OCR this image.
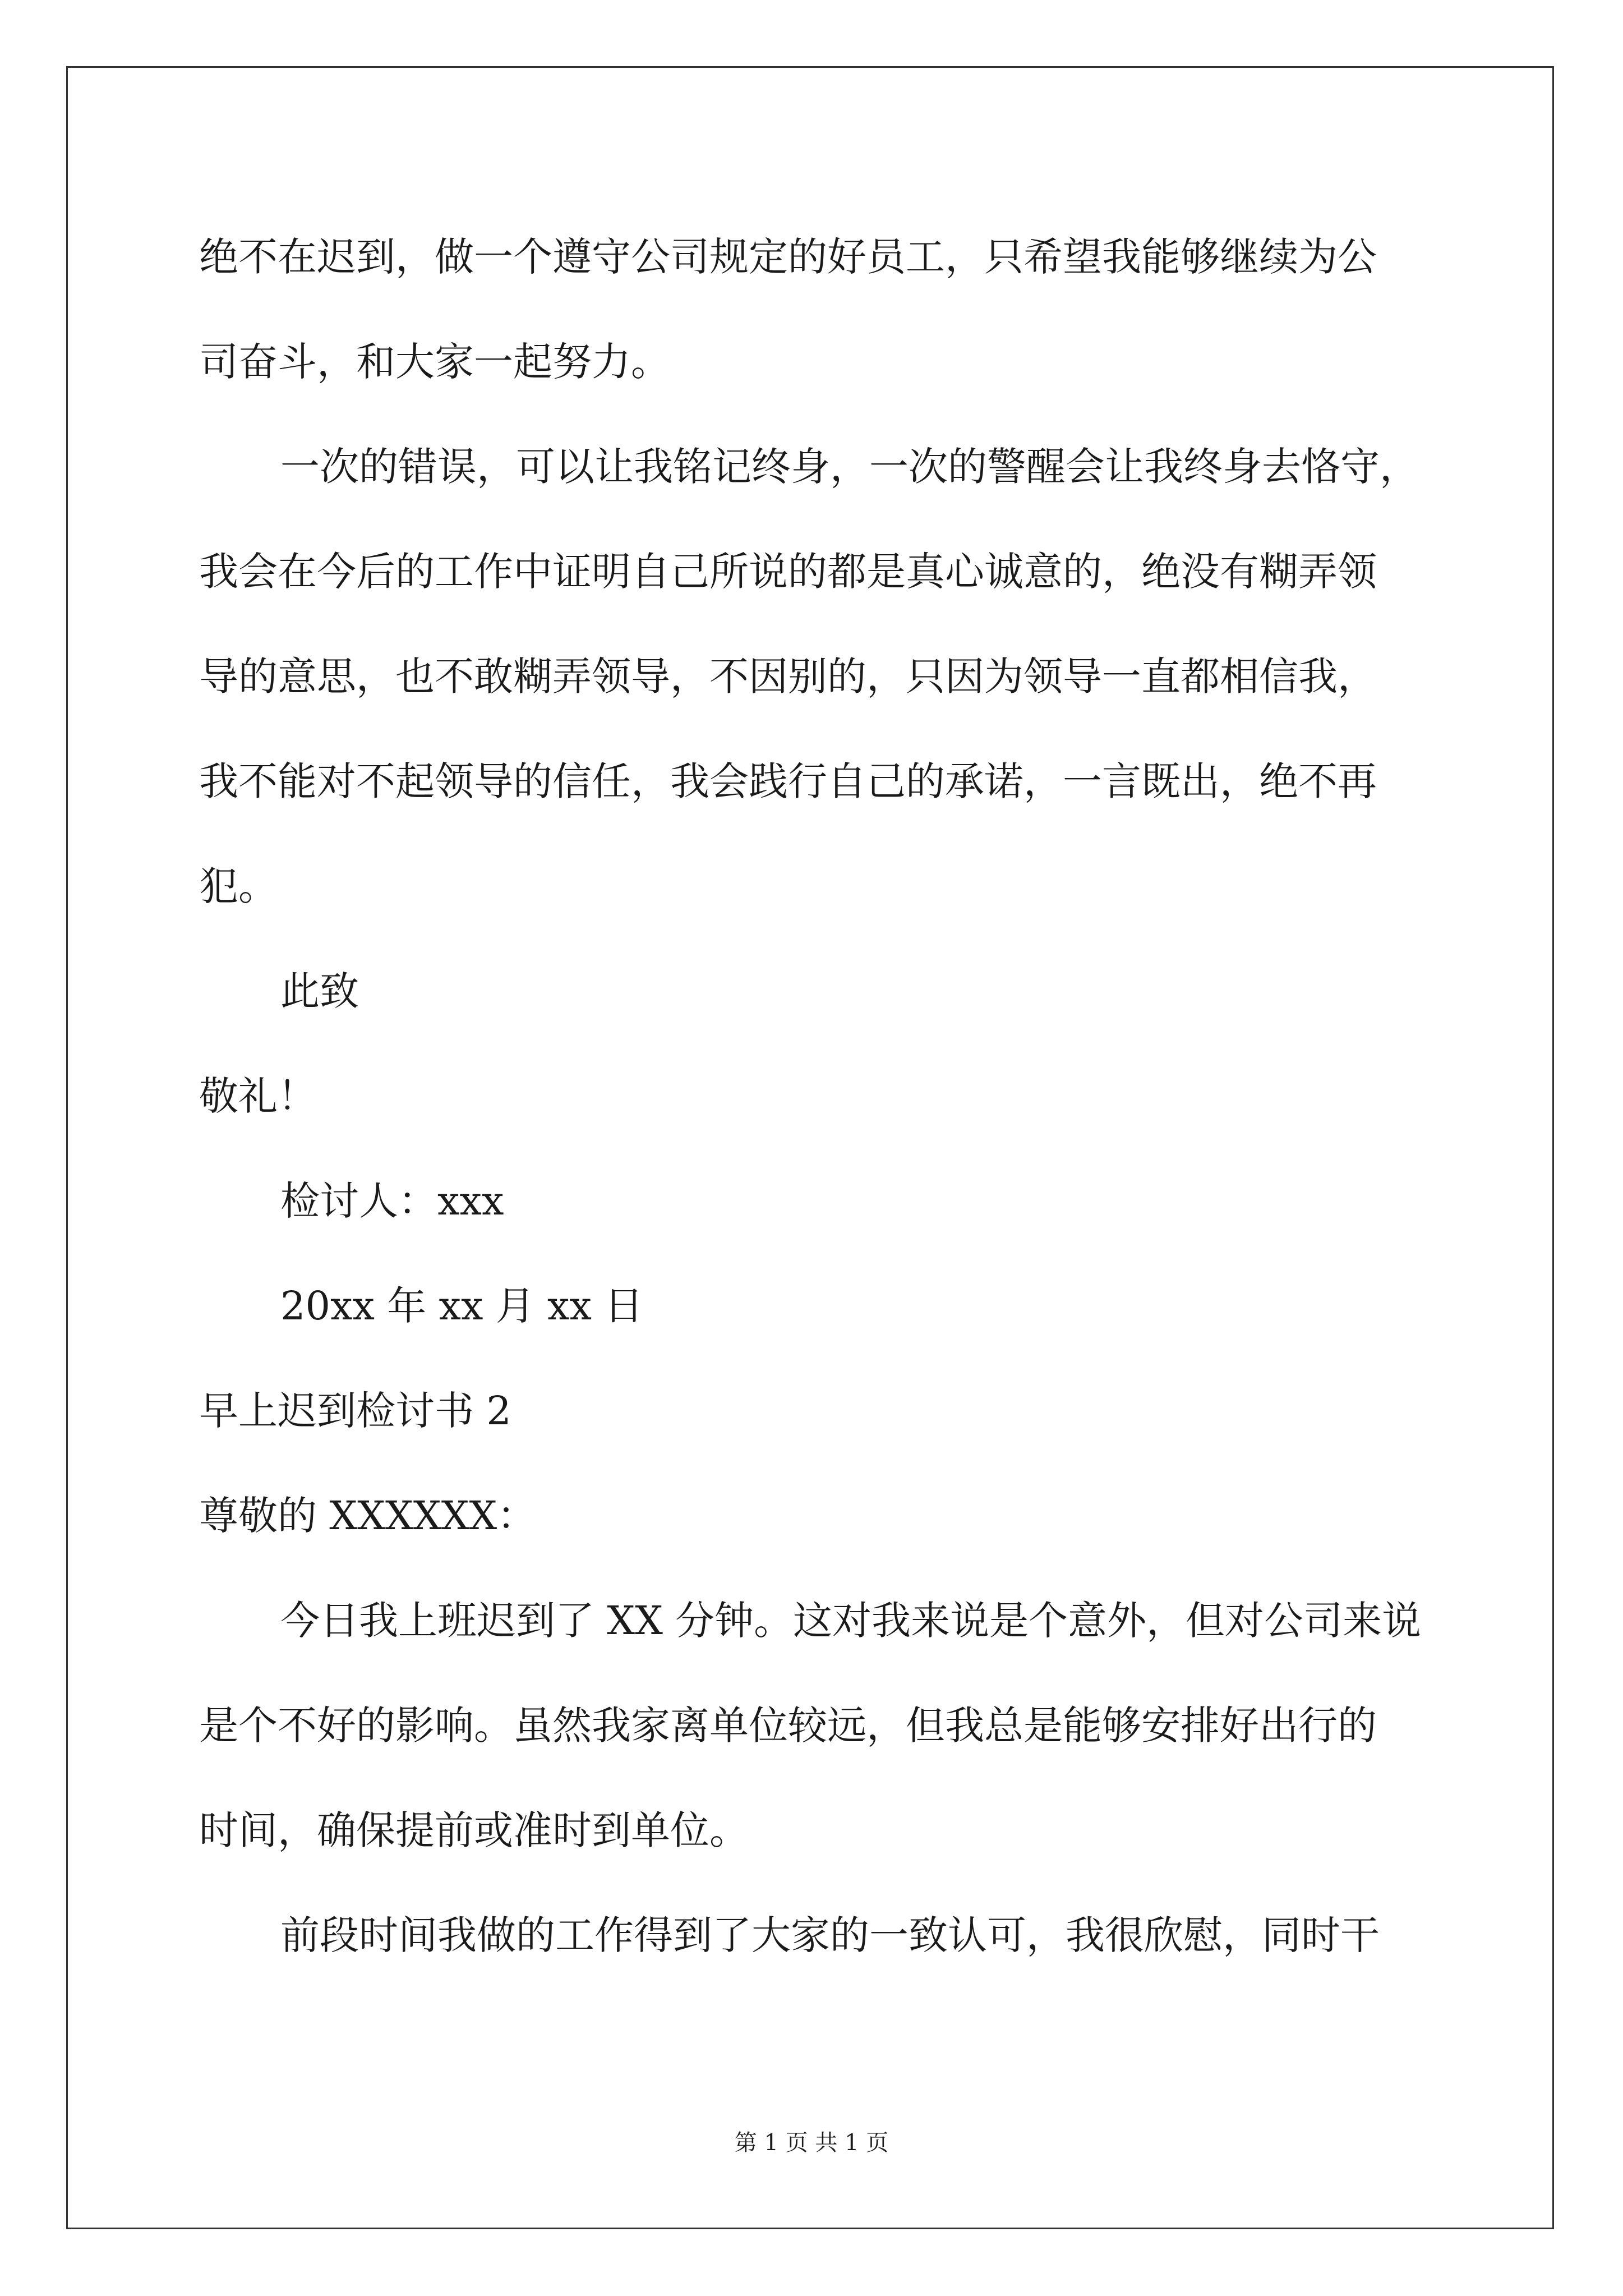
绝不在迟到，做一个遵守公司规定的好员工，只希望我能够继续为公

司奋斗，和大家一起努力。

一次的错误，可以让我铭记终身，一次的警醒会让我终身去恪守，

我会在今后的工作中证明自己所说的都是真心诚意的，绝没有糊弄领

导的意思，也不敢糊弄领导，不因别的，只因为领导一直都相信我，

我不能对不起领导的信任，我会践行自己的承诺，一言既出，绝不再

犯。

此致

敬礼！

检讨人：xxx

20xx 年 xx 月 xx 日

早上迟到检讨书 2

尊敬的 XXXXXX：

今日我上班迟到了 XX 分钟。这对我来说是个意外，但对公司来说

是个不好的影响。虽然我家离单位较远，但我总是能够安排好出行的

时间，确保提前或准时到单位。

前段时间我做的工作得到了大家的一致认可，我很欣慰，同时干

第 1 页 共 1 页
